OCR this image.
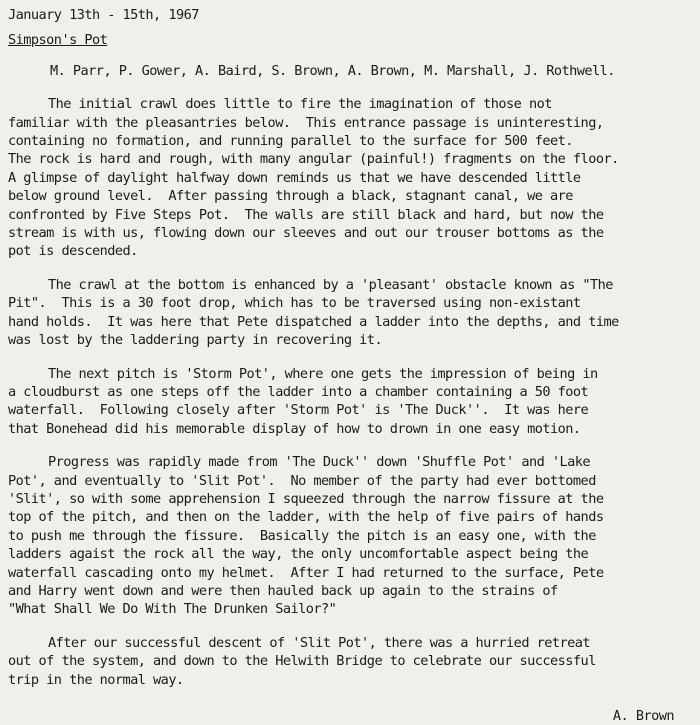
January 13th - 15th, 1967
Simpson's Pot
M. Parr, P. Gower, A. Baird, S. Brown, A. Brown, M. Marshall, J. Rothwell.
The initial crawl does little to fire the imagination of those not
familiar with the pleasantries below.  This entrance passage is uninteresting,
containing no formation, and running parallel to the surface for 500 feet.
The rock is hard and rough, with many angular (painful!) fragments on the floor.
A glimpse of daylight halfway down reminds us that we have descended little
below ground level.  After passing through a black, stagnant canal, we are
confronted by Five Steps Pot.  The walls are still black and hard, but now the
stream is with us, flowing down our sleeves and out our trouser bottoms as the
pot is descended.
The crawl at the bottom is enhanced by a 'pleasant' obstacle known as "The
Pit".  This is a 30 foot drop, which has to be traversed using non-existant
hand holds.  It was here that Pete dispatched a ladder into the depths, and time
was lost by the laddering party in recovering it.
The next pitch is 'Storm Pot', where one gets the impression of being in
a cloudburst as one steps off the ladder into a chamber containing a 50 foot
waterfall.  Following closely after 'Storm Pot' is 'The Duck''.  It was here
that Bonehead did his memorable display of how to drown in one easy motion.
Progress was rapidly made from 'The Duck'' down 'Shuffle Pot' and 'Lake
Pot', and eventually to 'Slit Pot'.  No member of the party had ever bottomed
'Slit', so with some apprehension I squeezed through the narrow fissure at the
top of the pitch, and then on the ladder, with the help of five pairs of hands
to push me through the fissure.  Basically the pitch is an easy one, with the
ladders agaist the rock all the way, the only uncomfortable aspect being the
waterfall cascading onto my helmet.  After I had returned to the surface, Pete
and Harry went down and were then hauled back up again to the strains of
"What Shall We Do With The Drunken Sailor?"
After our successful descent of 'Slit Pot', there was a hurried retreat
out of the system, and down to the Helwith Bridge to celebrate our successful
trip in the normal way.
A. Brown
